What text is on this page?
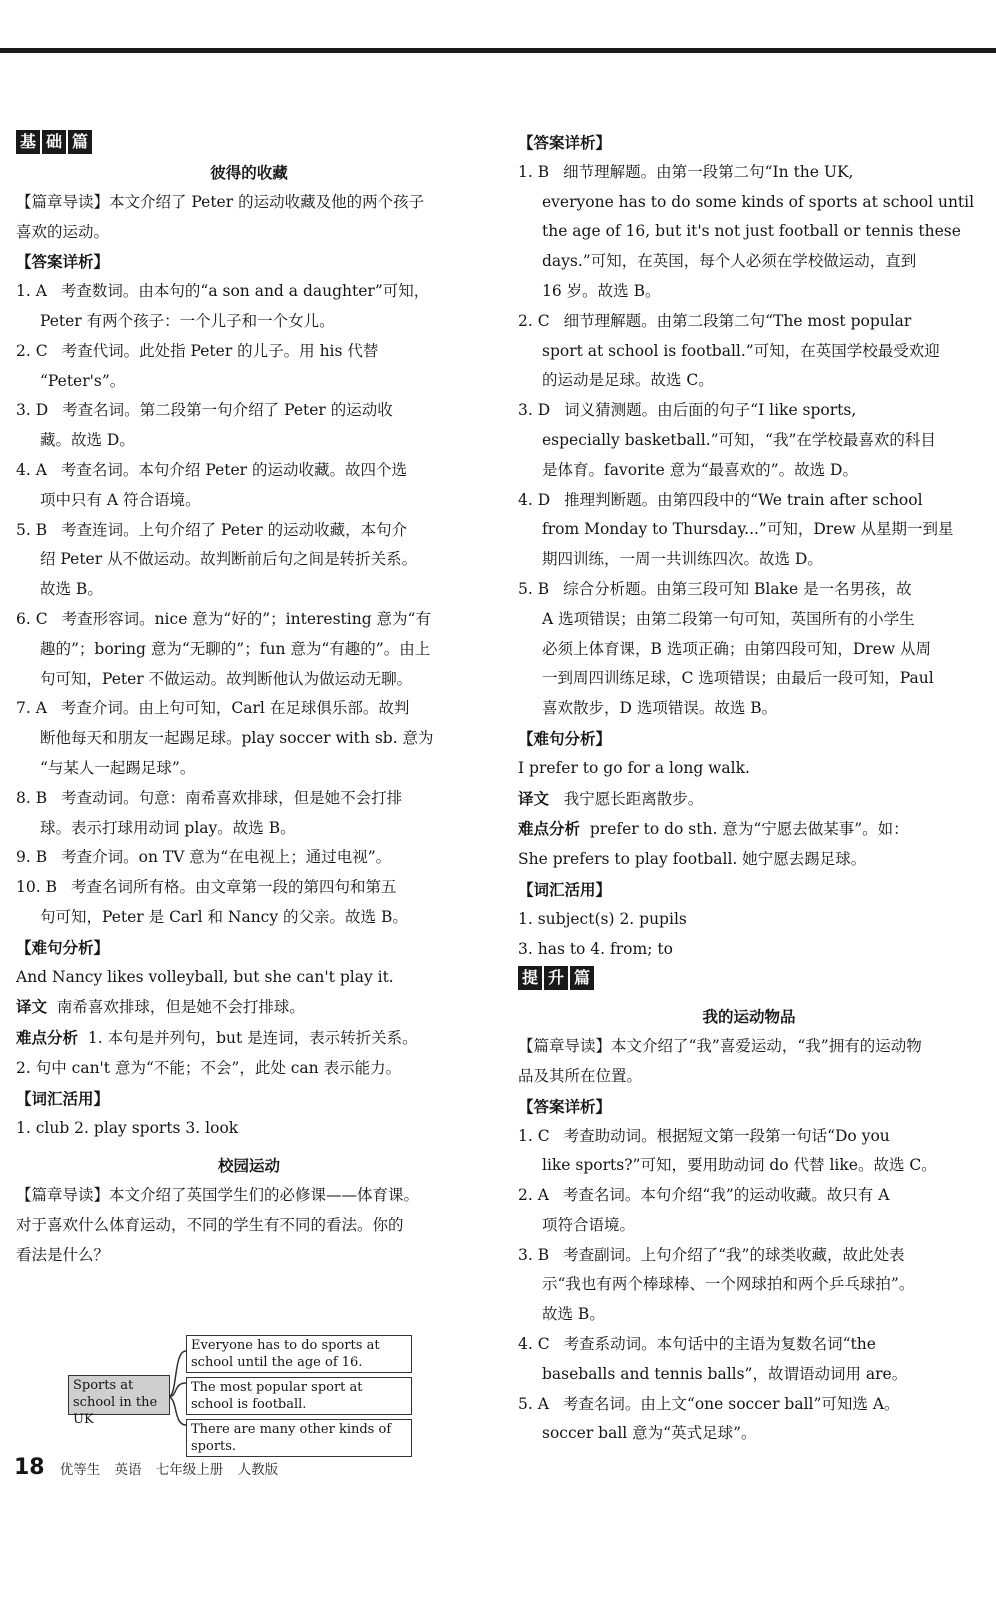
基 础 篇
彼得的收藏
【篇章导读】本文介绍了 Peter 的运动收藏及他的两个孩子
喜欢的运动。
【答案详析】
1. A 考查数词。由本句的“a son and a daughter”可知，
Peter 有两个孩子：一个儿子和一个女儿。
2. C 考查代词。此处指 Peter 的儿子。用 his 代替
“Peter's”。
3. D 考查名词。第二段第一句介绍了 Peter 的运动收
藏。故选 D。
4. A 考查名词。本句介绍 Peter 的运动收藏。故四个选
项中只有 A 符合语境。
5. B 考查连词。上句介绍了 Peter 的运动收藏，本句介
绍 Peter 从不做运动。故判断前后句之间是转折关系。
故选 B。
6. C 考查形容词。nice 意为“好的”；interesting 意为“有
趣的”；boring 意为“无聊的”；fun 意为“有趣的”。由上
句可知，Peter 不做运动。故判断他认为做运动无聊。
7. A 考查介词。由上句可知，Carl 在足球俱乐部。故判
断他每天和朋友一起踢足球。play soccer with sb. 意为
“与某人一起踢足球”。
8. B 考查动词。句意：南希喜欢排球，但是她不会打排
球。表示打球用动词 play。故选 B。
9. B 考查介词。on TV 意为“在电视上；通过电视”。
10. B 考查名词所有格。由文章第一段的第四句和第五
句可知，Peter 是 Carl 和 Nancy 的父亲。故选 B。
【难句分析】
And Nancy likes volleyball, but she can't play it.
译文 南希喜欢排球，但是她不会打排球。
难点分析 1. 本句是并列句，but 是连词，表示转折关系。
2. 句中 can't 意为“不能；不会”，此处 can 表示能力。
【词汇活用】
1. club 2. play sports 3. look
校园运动
【篇章导读】本文介绍了英国学生们的必修课——体育课。
对于喜欢什么体育运动，不同的学生有不同的看法。你的
看法是什么？
Sports at school in the UK
Everyone has to do sports at school until the age of 16.
The most popular sport at school is football.
There are many other kinds of sports.
【答案详析】
1. B 细节理解题。由第一段第二句“In the UK,
everyone has to do some kinds of sports at school until
the age of 16, but it's not just football or tennis these
days.”可知，在英国，每个人必须在学校做运动，直到
16 岁。故选 B。
2. C 细节理解题。由第二段第二句“The most popular
sport at school is football.”可知，在英国学校最受欢迎
的运动是足球。故选 C。
3. D 词义猜测题。由后面的句子“I like sports,
especially basketball.”可知，“我”在学校最喜欢的科目
是体育。favorite 意为“最喜欢的”。故选 D。
4. D 推理判断题。由第四段中的“We train after school
from Monday to Thursday...”可知，Drew 从星期一到星
期四训练，一周一共训练四次。故选 D。
5. B 综合分析题。由第三段可知 Blake 是一名男孩，故
A 选项错误；由第二段第一句可知，英国所有的小学生
必须上体育课，B 选项正确；由第四段可知，Drew 从周
一到周四训练足球，C 选项错误；由最后一段可知，Paul
喜欢散步，D 选项错误。故选 B。
【难句分析】
I prefer to go for a long walk.
译文 我宁愿长距离散步。
难点分析 prefer to do sth. 意为“宁愿去做某事”。如：
She prefers to play football. 她宁愿去踢足球。
【词汇活用】
1. subject(s) 2. pupils
3. has to 4. from; to
提 升 篇
我的运动物品
【篇章导读】本文介绍了“我”喜爱运动，“我”拥有的运动物
品及其所在位置。
【答案详析】
1. C 考查助动词。根据短文第一段第一句话“Do you
like sports?”可知，要用助动词 do 代替 like。故选 C。
2. A 考查名词。本句介绍“我”的运动收藏。故只有 A
项符合语境。
3. B 考查副词。上句介绍了“我”的球类收藏，故此处表
示“我也有两个棒球棒、一个网球拍和两个乒乓球拍”。
故选 B。
4. C 考查系动词。本句话中的主语为复数名词“the
baseballs and tennis balls”，故谓语动词用 are。
5. A 考查名词。由上文“one soccer ball”可知选 A。
soccer ball 意为“英式足球”。
18 优等生 英语 七年级上册 人教版
